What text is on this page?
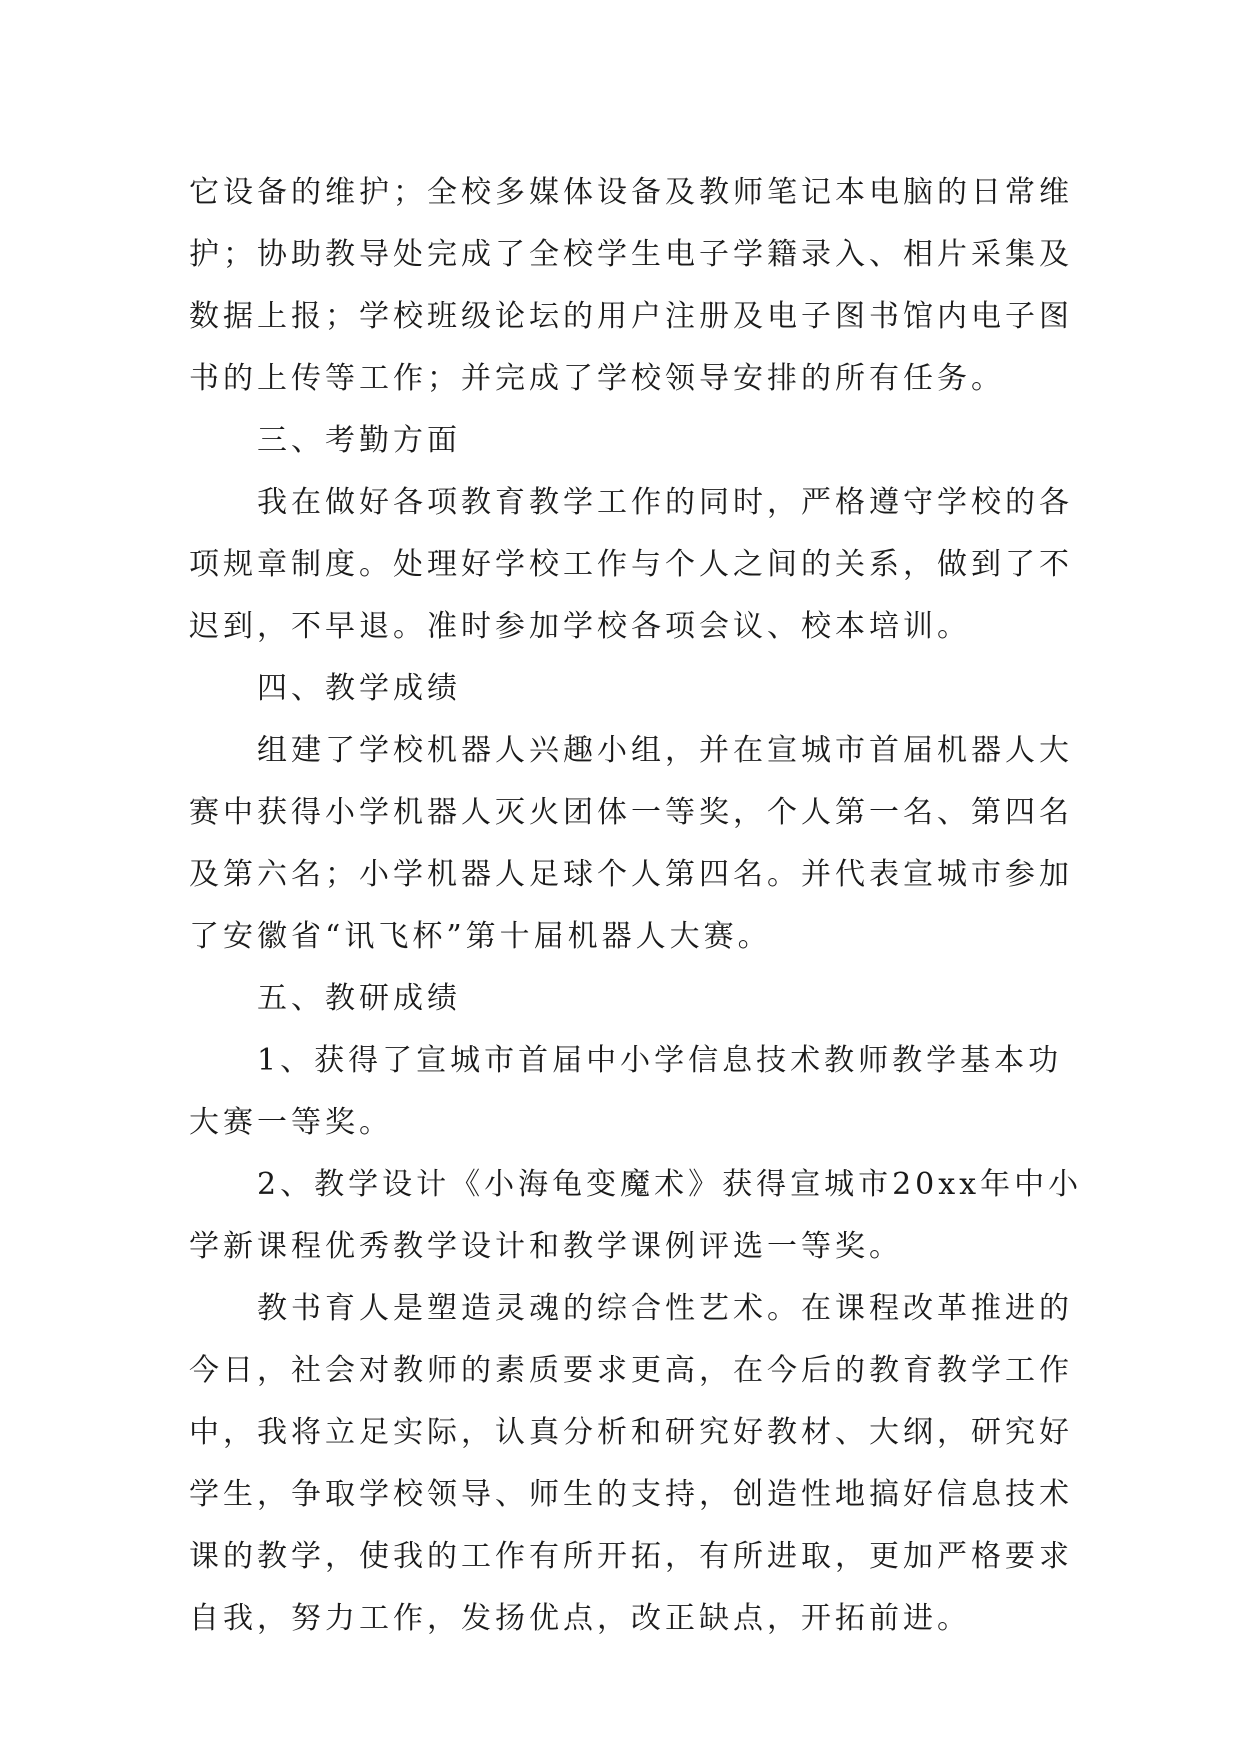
它设备的维护；全校多媒体设备及教师笔记本电脑的日常维

护；协助教导处完成了全校学生电子学籍录入、相片采集及

数据上报；学校班级论坛的用户注册及电子图书馆内电子图

书的上传等工作；并完成了学校领导安排的所有任务。

三、考勤方面

我在做好各项教育教学工作的同时，严格遵守学校的各

项规章制度。处理好学校工作与个人之间的关系，做到了不

迟到，不早退。准时参加学校各项会议、校本培训。

四、教学成绩

组建了学校机器人兴趣小组，并在宣城市首届机器人大

赛中获得小学机器人灭火团体一等奖，个人第一名、第四名

及第六名；小学机器人足球个人第四名。并代表宣城市参加

了安徽省“讯飞杯”第十届机器人大赛。

五、教研成绩

1、获得了宣城市首届中小学信息技术教师教学基本功

大赛一等奖。

2、教学设计《小海龟变魔术》获得宣城市20xx年中小

学新课程优秀教学设计和教学课例评选一等奖。

教书育人是塑造灵魂的综合性艺术。在课程改革推进的

今日，社会对教师的素质要求更高，在今后的教育教学工作

中，我将立足实际，认真分析和研究好教材、大纲，研究好

学生，争取学校领导、师生的支持，创造性地搞好信息技术

课的教学，使我的工作有所开拓，有所进取，更加严格要求

自我，努力工作，发扬优点，改正缺点，开拓前进。
